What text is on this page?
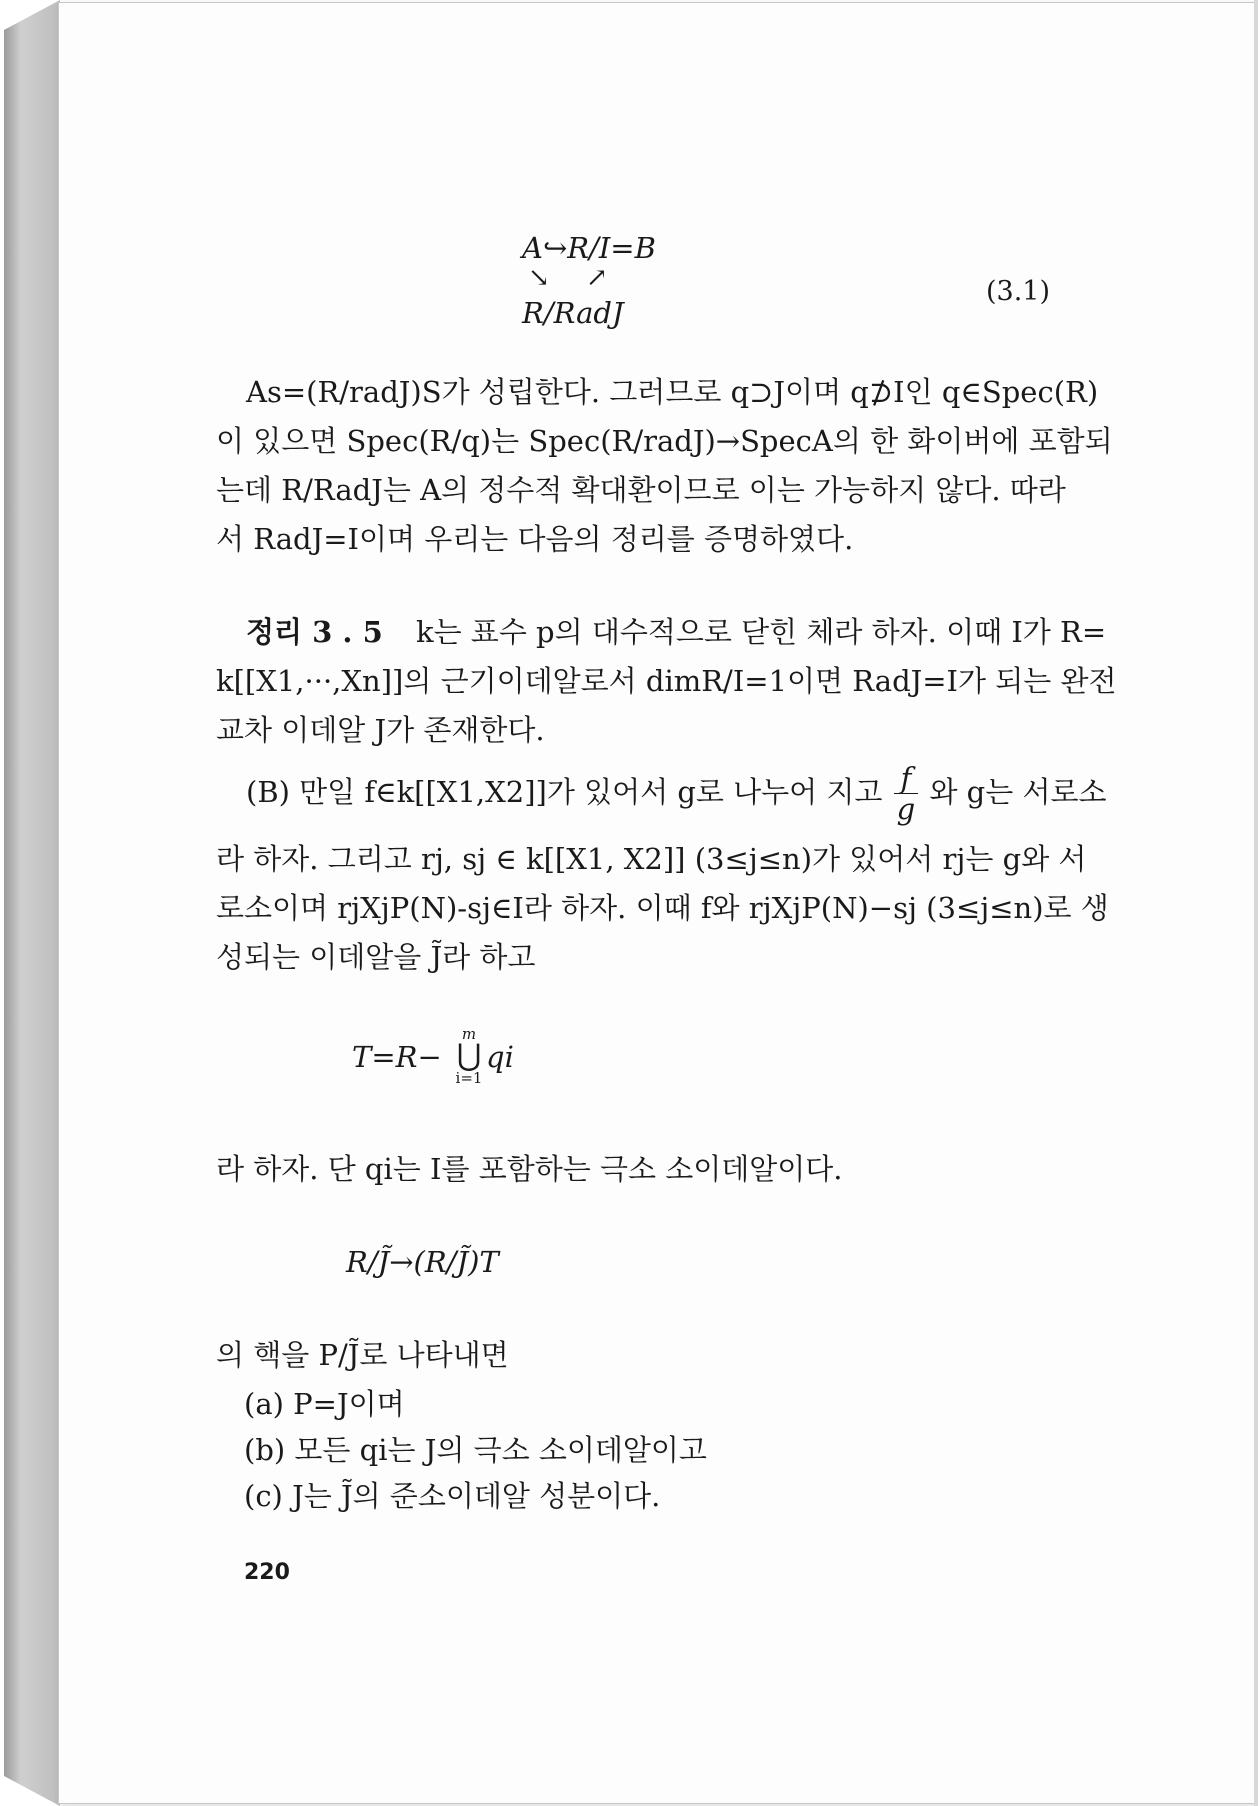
A↪R/I=B
↘ ↗
R/RadJ
(3.1)
As=(R/radJ)S가 성립한다. 그러므로 q⊃J이며 q⊅I인 q∈Spec(R)
이 있으면 Spec(R/q)는 Spec(R/radJ)→SpecA의 한 화이버에 포함되
는데 R/RadJ는 A의 정수적 확대환이므로 이는 가능하지 않다. 따라
서 RadJ=I이며 우리는 다음의 정리를 증명하였다.
정리 3 . 5 k는 표수 p의 대수적으로 닫힌 체라 하자. 이때 I가 R=
k[[X1,···,Xn]]의 근기이데알로서 dimR/I=1이면 RadJ=I가 되는 완전
교차 이데알 J가 존재한다.
(B) 만일 f∈k[[X1,X2]]가 있어서 g로 나누어 지고 $\frac{f}{g}$ 와 g는 서로소
라 하자. 그리고 rj, sj ∈ k[[X1, X2]] (3≤j≤n)가 있어서 rj는 g와 서
로소이며 rjXjP(N)-sj∈I라 하자. 이때 f와 rjXjP(N)−sj (3≤j≤n)로 생
성되는 이데알을 J̃라 하고
T=R−
m
⋃
i=1
qi
라 하자. 단 qi는 I를 포함하는 극소 소이데알이다.
R/J̃→(R/J̃)T
의 핵을 P/J̃로 나타내면
(a) P=J이며
(b) 모든 qi는 J의 극소 소이데알이고
(c) J는 J̃의 준소이데알 성분이다.
220
